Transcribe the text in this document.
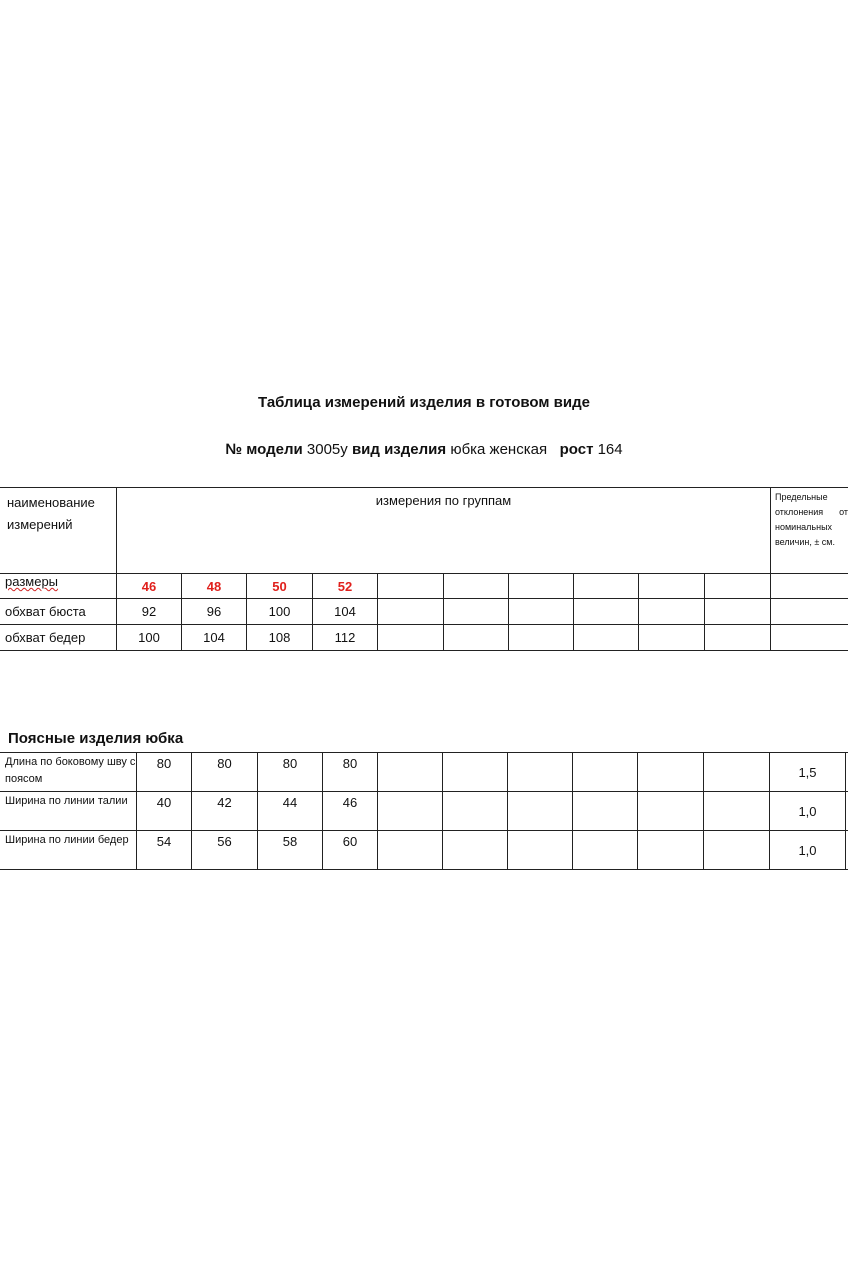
Таблица измерений изделия в готовом виде
№ модели 3005у вид изделия юбка женская рост 164
наименование измерений	измерения по группам										Предельные отклонения от номинальных величин, ± см.
размеры	46	48	50	52							
обхват бюста	92	96	100	104							
обхват бедер	100	104	108	112							
Поясные изделия юбка
Длина по боковому шву с поясом	80	80	80	80							1,5	
Ширина по линии талии	40	42	44	46							1,0	
Ширина по линии бедер	54	56	58	60							1,0	
